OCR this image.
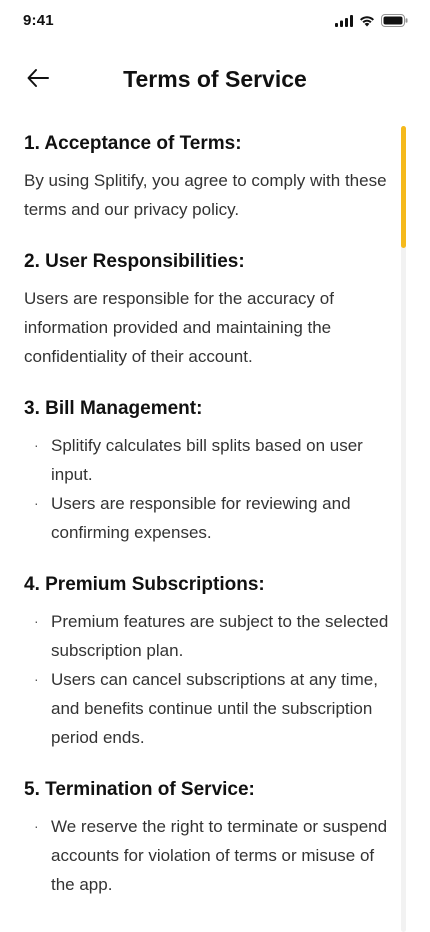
9:41
Terms of Service
1. Acceptance of Terms:

By using Splitify, you agree to comply with these terms and our privacy policy.

2. User Responsibilities:

Users are responsible for the accuracy of information provided and maintaining the confidentiality of their account.

3. Bill Management:
· Splitify calculates bill splits based on user input.
· Users are responsible for reviewing and confirming expenses.
4. Premium Subscriptions:
· Premium features are subject to the selected subscription plan.
· Users can cancel subscriptions at any time, and benefits continue until the subscription period ends.
5. Termination of Service:
· We reserve the right to terminate or suspend accounts for violation of terms or misuse of the app.
